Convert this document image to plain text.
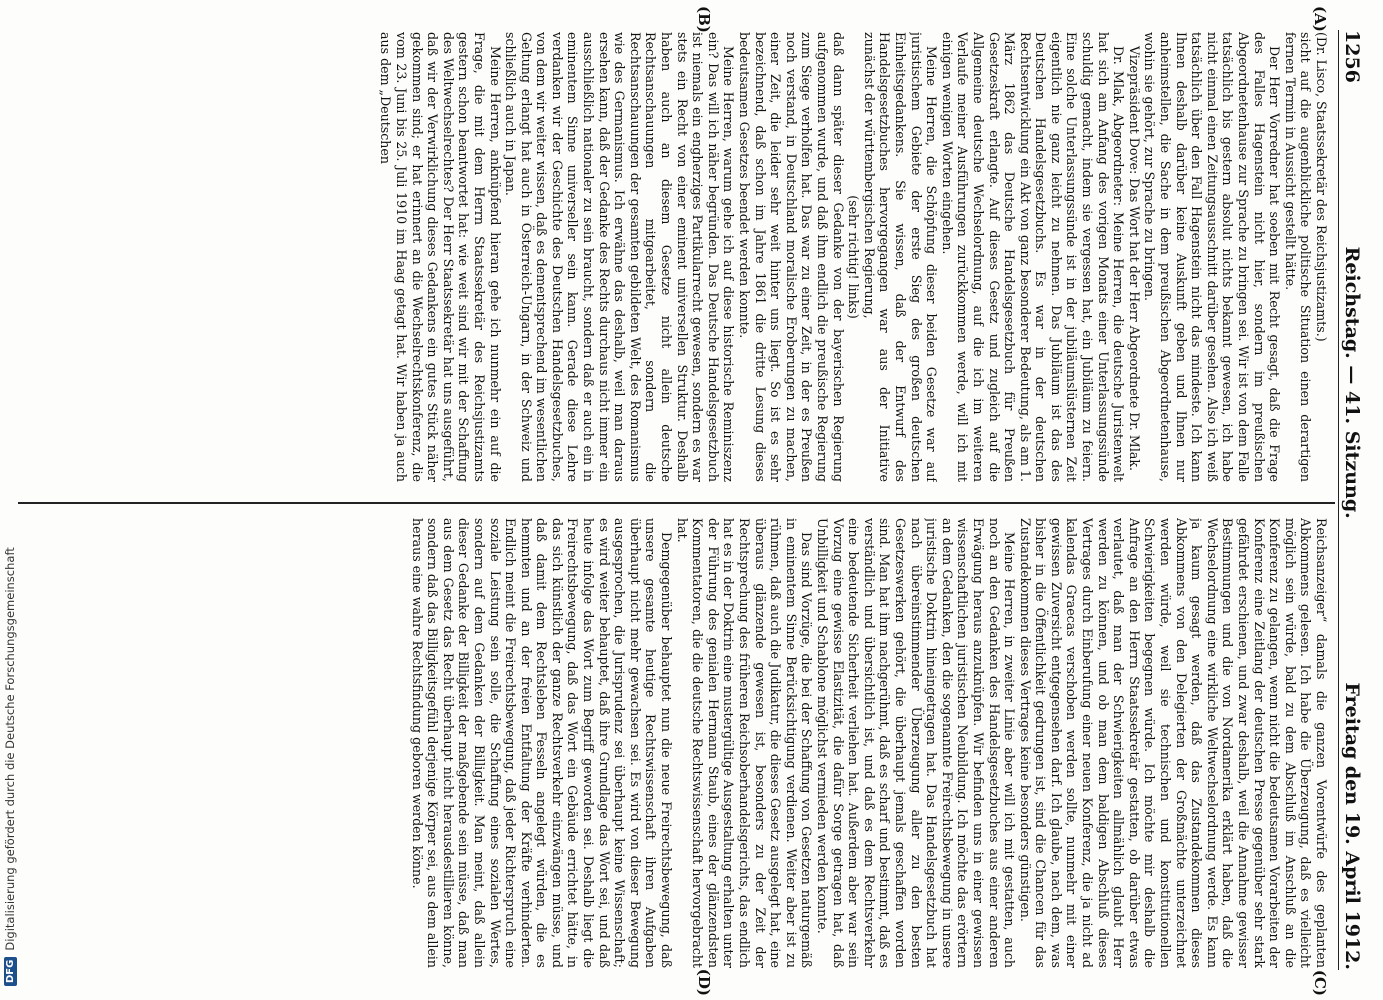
1256
Reichstag. — 41. Sitzung.
Freitag den 19. April 1912.
(A)
(B)
(C)
(D)

(Dr. Lisco, Staatssekretär des Reichsjustizamts.)

sicht auf die augenblickliche politische Situation einen derartigen fernen Termin in Aussicht gestellt hätte.

Der Herr Vorredner hat soeben mit Recht gesagt, daß die Frage des Falles Hagenstein nicht hier, sondern im preußischen Abgeordnetenhause zur Sprache zu bringen sei. Wir ist von dem Falle tatsächlich bis gestern absolut nichts bekannt gewesen, ich habe nicht einmal einen Zeitungsausschnitt darüber gesehen. Also ich weiß tatsächlich über den Fall Hagenstein nicht das mindeste. Ich kann Ihnen deshalb darüber keine Auskunft geben und Ihnen nur anheimstellen, die Sache in dem preußischen Abgeordnetenhause, wohin sie gehört, zur Sprache zu bringen.

Vizepräsident Dove: Das Wort hat der Herr Abgeordnete Dr. Mlak.

Dr. Mlak, Abgeordneter: Meine Herren, die deutsche Juristenwelt hat sich am Anfang des vorigen Monats einer Unterlassungssünde schuldig gemacht, indem sie vergessen hat, ein Jubiläum zu feiern. Eine solche Unterlassungssünde ist in der jubiläumslüsternen Zeit eigentlich nie ganz leicht zu nehmen. Das Jubiläum ist das des Deutschen Handelsgesetzbuchs. Es war in der deutschen Rechtsentwicklung ein Akt von ganz besonderer Bedeutung, als am 1. März 1862 das Deutsche Handelsgesetzbuch für Preußen Gesetzeskraft erlangte. Auf dieses Gesetz und zugleich auf die Allgemeine deutsche Wechselordnung, auf die ich im weiteren Verlaufe meiner Ausführungen zurückkommen werde, will ich mit einigen wenigen Worten eingehen.

Meine Herren, die Schöpfung dieser beiden Gesetze war auf juristischem Gebiete der erste Sieg des großen deutschen Einheitsgedankens. Sie wissen, daß der Entwurf des Handelsgesetzbuches hervorgegangen war aus der Initiative zunächst der württembergischen Regierung,

(sehr richtig! links)

daß dann später dieser Gedanke von der bayerischen Regierung aufgenommen wurde, und daß ihm endlich die preußische Regierung zum Siege verholfen hat. Das war zu einer Zeit, in der es Preußen noch verstand, in Deutschland moralische Eroberungen zu machen, einer Zeit, die leider sehr weit hinter uns liegt. So ist es sehr bezeichnend, daß schon im Jahre 1861 die dritte Lesung dieses bedeutsamen Gesetzes beendet werden konnte.

Meine Herren, warum gehe ich auf diese historische Reminiszenz ein? Das will ich näher begründen. Das Deutsche Handelsgesetzbuch ist niemals ein engherziges Partikularrecht gewesen, sondern es war stets ein Recht von einer eminent universellen Struktur. Deshalb haben auch an diesem Gesetze nicht allein deutsche Rechtsanschauungen mitgearbeitet, sondern die Rechtsanschauungen der gesamten gebildeten Welt, des Romanismus wie des Germanismus. Ich erwähne das deshalb, weil man daraus ersehen kann, daß der Gedanke des Rechts durchaus nicht immer ein ausschließlich nationaler zu sein braucht, sondern daß er auch ein in eminentem Sinne universeller sein kann. Gerade diese Lehre verdanken wir der Geschichte des Deutschen Handelsgesetzbuches, von dem wir weiter wissen, daß es dementsprechend im wesentlichen Geltung erlangt hat auch in Österreich-Ungarn, in der Schweiz und schließlich auch in Japan.

Meine Herren, anknüpfend hieran gehe ich nunmehr ein auf die Frage, die mit dem Herrn Staatssekretär des Reichsjustizamts gestern schon beantwortet hat: wie weit sind wir mit der Schaffung des Weltwechselrechtes? Der Herr Staatssekretär hat uns ausgeführt, daß wir der Verwirklichung dieses Gedankens ein gutes Stück näher gekommen sind; er hat erinnert an die Wechselrechtskonferenz, die vom 23. Juni bis 25. Juli 1910 im Haag getagt hat. Wir haben ja auch aus dem „Deutschen

Reichsanzeiger“ damals die ganzen Vorentwürfe des geplanten Abkommens gelesen. Ich habe die Überzeugung, daß es vielleicht möglich sein würde, bald zu dem Abschluß im Anschluß an die Konferenz zu gelangen, wenn nicht die bedeutsamen Vorarbeiten der Konferenz eine Zeitlang der deutschen Presse gegenüber sehr stark gefährdet erschienen, und zwar deshalb, weil die Annahme gewisser Bestimmungen und die von Nordamerika erklärt haben, daß die Wechselordnung eine wirkliche Weltwechselordnung werde. Es kann ja kaum gesagt werden, daß das Zustandekommen dieses Abkommens von den Delegierten der Großmächte unterzeichnet werden würde, weil sie technischen und konstitutionellen Schwierigkeiten begegnen würde. Ich möchte mir deshalb die Anfrage an den Herrn Staatssekretär gestatten, ob darüber etwas verlautet, daß man der Schwierigkeiten allmählich glaubt Herr werden zu können, und ob man dem baldigen Abschluß dieses Vertrages durch Einberufung einer neuen Konferenz, die ja nicht ad kalendas Graecas verschoben werden sollte, nunmehr mit einer gewissen Zuversicht entgegensehen darf. Ich glaube, nach dem, was bisher in die Öffentlichkeit gedrungen ist, sind die Chancen für das Zustandekommen dieses Vertrages keine besonders günstigen.

Meine Herren, in zweiter Linie aber will ich mit gestatten, auch noch an den Gedanken des Handelsgesetzbuches aus einer anderen Erwägung heraus anzuknüpfen. Wir befinden uns in einer gewissen wissenschaftlichen juristischen Neubildung. Ich möchte das erörtern an dem Gedanken, den die sogenannte Freirechtsbewegung in unsere juristische Doktrin hineingetragen hat. Das Handelsgesetzbuch hat nach übereinstimmender Überzeugung aller zu den besten Gesetzeswerken gehört, die überhaupt jemals geschaffen worden sind. Man hat ihm nachgerühmt, daß es scharf und bestimmt, daß es verständlich und übersichtlich ist, und daß es dem Rechtsverkehr eine bedeutende Sicherheit verliehen hat. Außerdem aber war sein Vorzug eine gewisse Elastizität, die dafür Sorge getragen hat, daß Unbilligkeit und Schablone möglichst vermieden werden konnte.

Das sind Vorzüge, die bei der Schaffung von Gesetzen naturgemäß in eminentem Sinne Berücksichtigung verdienen. Weiter aber ist zu rühmen, daß auch die Judikatur, die dieses Gesetz ausgelegt hat, eine überaus glänzende gewesen ist, besonders zu der Zeit der Rechtsprechung des früheren Reichsoberhandelsgerichts, das endlich hat es in der Doktrin eine mustergültige Ausgestaltung erhalten unter der Führung des genialen Hermann Staub, eines der glänzendsten Kommentatoren, die die deutsche Rechtswissenschaft hervorgebracht hat.

Demgegenüber behauptet nun die neue Freirechtsbewegung, daß unsere gesamte heutige Rechtswissenschaft ihren Aufgaben überhaupt nicht mehr gewachsen sei. Es wird von dieser Bewegung ausgesprochen, die Jurisprudenz sei überhaupt keine Wissenschaft; es wird weiter behauptet, daß ihre Grundlage das Wort sei, und daß heute infolge das Wort zum Begriff geworden sei. Deshalb liegt die Freirechtsbewegung, daß das Wort ein Gebäude errichtet hätte, in das sich künstlich der ganze Rechtsverkehr einzwängen müsse, und daß damit dem Rechtsleben Fesseln angelegt würden, die es hemmten und an der freien Entfaltung der Kräfte verhinderten. Endlich meint die Freirechtsbewegung, daß jeder Richterspruch eine soziale Leistung sein solle, die Schaffung eines sozialen Wertes, sondern auf dem Gedanken der Billigkeit. Man meint, daß allein dieser Gedanke der Billigkeit der maßgebende sein müsse, daß man aus dem Gesetz das Recht überhaupt nicht herausdestillieren könne, sondern daß das Billigkeitsgefühl derjenige Körper sei, aus dem allein heraus eine wahre Rechtsfindung geboren werden könne.

DFG
Digitalisierung gefördert durch die Deutsche Forschungsgemeinschaft
